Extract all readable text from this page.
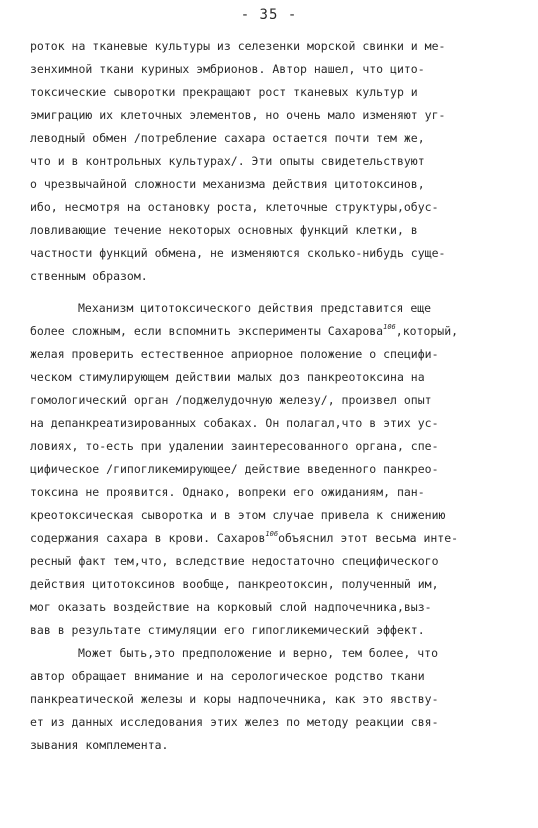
- 35 -
роток на тканевые культуры из селезенки морской свинки и ме-
зенхимной ткани куриных эмбрионов. Автор нашел, что цито-
токсические сыворотки прекращают рост тканевых культур и
эмиграцию их клеточных элементов, но очень мало изменяют уг-
леводный обмен /потребление сахара остается почти тем же,
что и в контрольных культурах/. Эти опыты свидетельствуют
о чрезвычайной сложности механизма действия цитотоксинов,
ибо, несмотря на остановку роста, клеточные структуры,обус-
ловливающие течение некоторых основных функций клетки, в
частности функций обмена, не изменяются сколько-нибудь суще-
ственным образом.
Механизм цитотоксического действия представится еще
более сложным, если вспомнить эксперименты Сахарова$^{106}$,который,
желая проверить естественное априорное положение о специфи-
ческом стимулирующем действии малых доз панкреотоксина на
гомологический орган /поджелудочную железу/, произвел опыт
на депанкреатизированных собаках. Он полагал,что в этих ус-
ловиях, то-есть при удалении заинтересованного органа, спе-
цифическое /гипогликемирующее/ действие введенного панкрео-
токсина не проявится. Однако, вопреки его ожиданиям, пан-
креотоксическая сыворотка и в этом случае привела к снижению
содержания сахара в крови. Сахаров$^{106}$объяснил этот весьма инте-
ресный факт тем,что, вследствие недостаточно специфического
действия цитотоксинов вообще, панкреотоксин, полученный им,
мог оказать воздействие на корковый слой надпочечника,выз-
вав в результате стимуляции его гипогликемический эффект.
Может быть,это предположение и верно, тем более, что
автор обращает внимание и на серологическое родство ткани
панкреатической железы и коры надпочечника, как это явству-
ет из данных исследования этих желез по методу реакции свя-
зывания комплемента.
